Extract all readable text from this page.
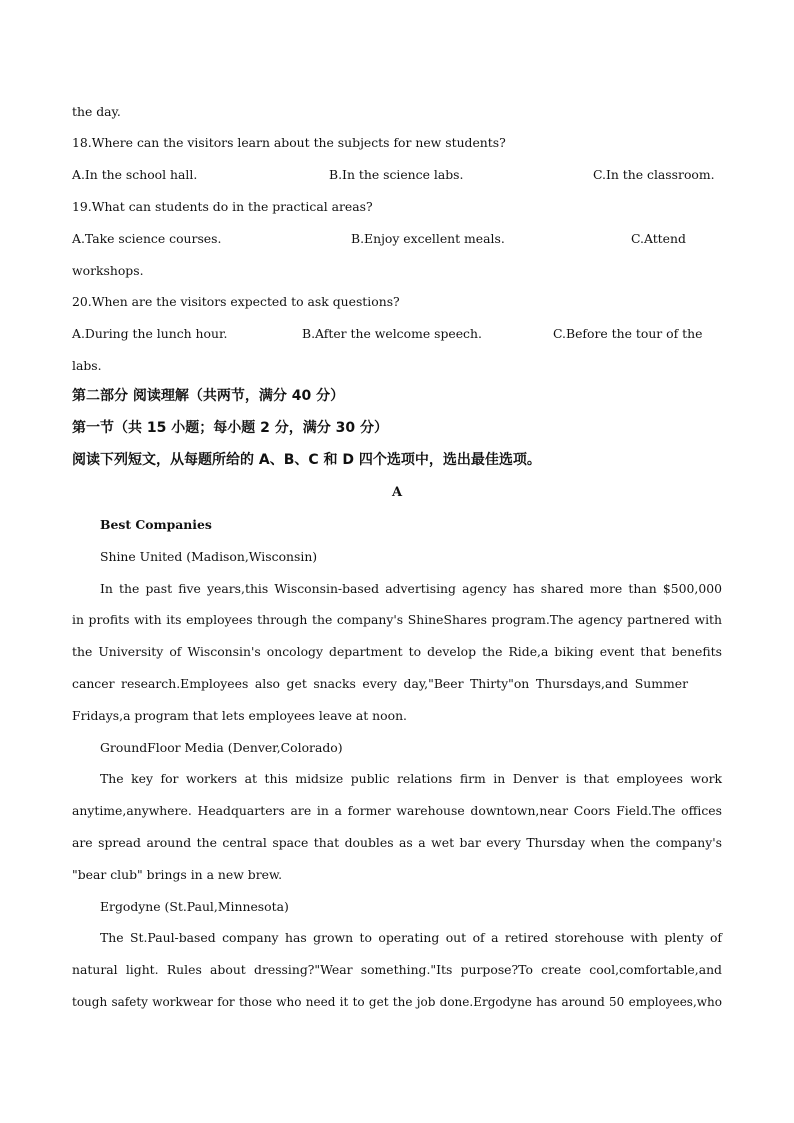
the day.
18.Where can the visitors learn about the subjects for new students?
A.In the school hall.	B.In the science labs.	C.In the classroom.
19.What can students do in the practical areas?
A.Take science courses.	B.Enjoy excellent meals.	C.Attend
workshops.
20.When are the visitors expected to ask questions?
A.During the lunch hour.	B.After the welcome speech.	C.Before the tour of the
labs.
第二部分 阅读理解（共两节，满分 40 分）
第一节（共 15 小题；每小题 2 分，满分 30 分）
阅读下列短文，从每题所给的 A、B、C 和 D 四个选项中，选出最佳选项。
A
Best Companies
Shine United (Madison,Wisconsin)
In the past five years,this Wisconsin-based advertising agency has shared more than $500,000
in profits with its employees through the company's ShineShares program.The agency partnered with
the University of Wisconsin's oncology department to develop the Ride,a biking event that benefits
cancer research.Employees also get snacks every day,"Beer Thirty"on Thursdays,and Summer
Fridays,a program that lets employees leave at noon.
GroundFloor Media (Denver,Colorado)
The key for workers at this midsize public relations firm in Denver is that employees work
anytime,anywhere. Headquarters are in a former warehouse downtown,near Coors Field.The offices
are spread around the central space that doubles as a wet bar every Thursday when the company's
"bear club" brings in a new brew.
Ergodyne (St.Paul,Minnesota)
The St.Paul-based company has grown to operating out of a retired storehouse with plenty of
natural light. Rules about dressing?"Wear something."Its purpose?To create cool,comfortable,and
tough safety workwear for those who need it to get the job done.Ergodyne has around 50 employees,who
